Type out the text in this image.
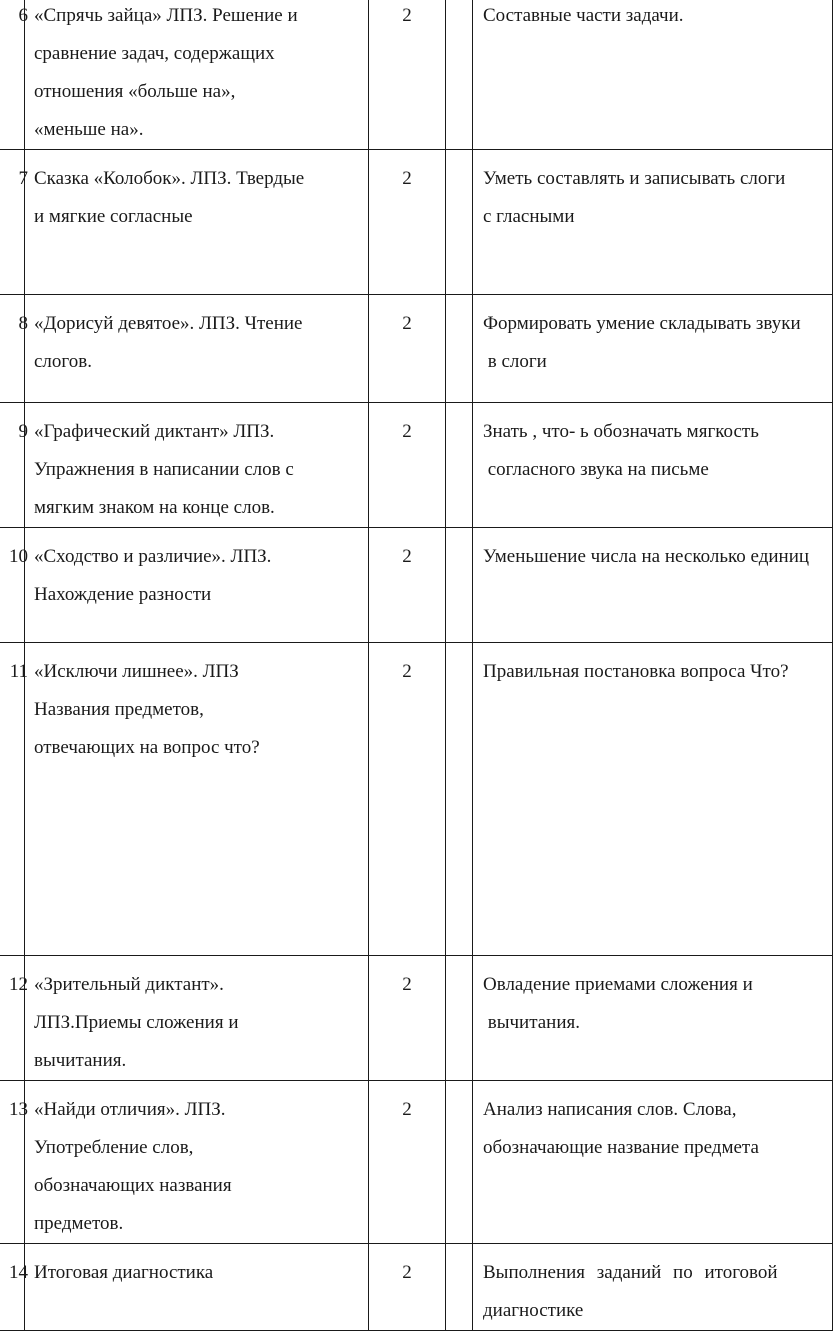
6	«Спрячь зайца» ЛПЗ. Решение и
сравнение задач, содержащих
отношения «больше на»,
«меньше на».	2		Составные части задачи.

7	Сказка «Колобок». ЛПЗ. Твердые
и мягкие согласные	2		Уметь составлять и записывать слоги
с гласными

8	«Дорисуй девятое». ЛПЗ. Чтение
слогов.	2		Формировать умение складывать звуки
в слоги

9	«Графический диктант» ЛПЗ.
Упражнения в написании слов с
мягким знаком на конце слов.	2		Знать , что- ь обозначать мягкость
согласного звука на письме

10	«Сходство и различие». ЛПЗ.
Нахождение разности	2		Уменьшение числа на несколько единиц

11	«Исключи лишнее». ЛПЗ
Названия предметов,
отвечающих на вопрос что?	2		Правильная постановка вопроса Что?

12	«Зрительный диктант».
ЛПЗ.Приемы сложения и
вычитания.	2		Овладение приемами сложения и
вычитания.

13	«Найди отличия». ЛПЗ.
Употребление слов,
обозначающих названия
предметов.	2		Анализ написания слов. Слова,
обозначающие название предмета

14	Итоговая диагностика	2		Выполнения заданий по итоговой
диагностике
